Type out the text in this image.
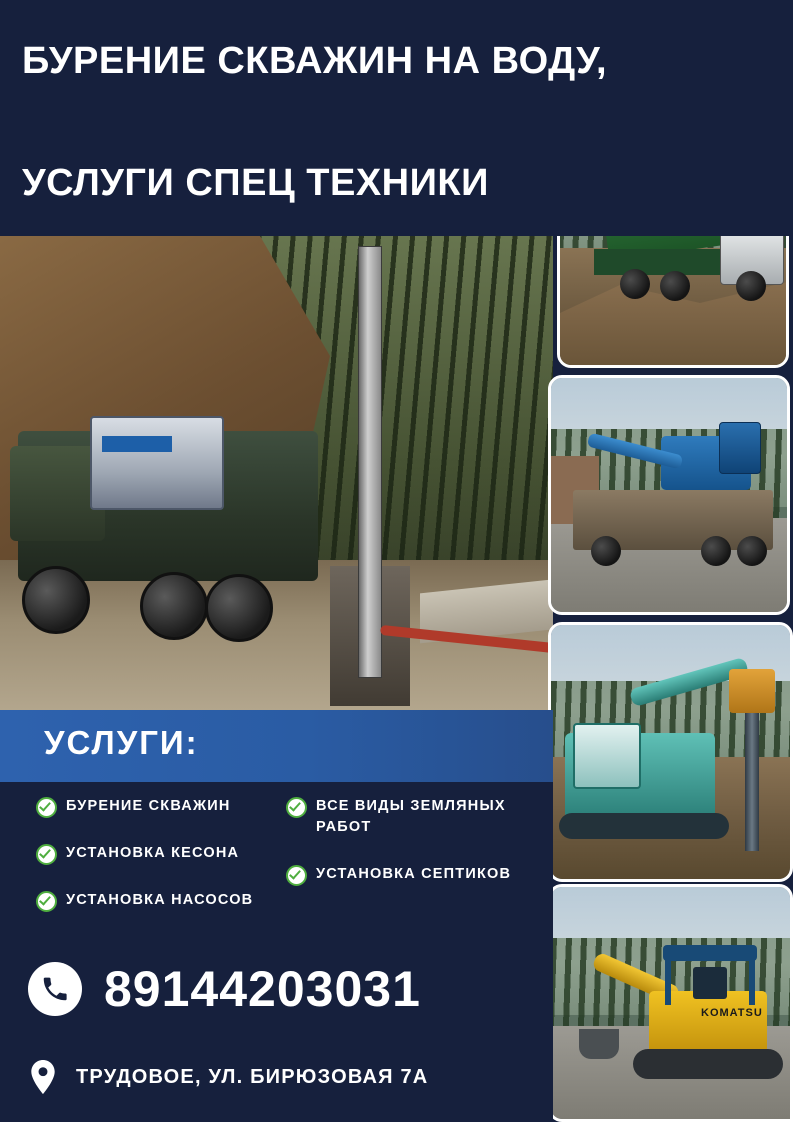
БУРЕНИЕ СКВАЖИН НА ВОДУ,
УСЛУГИ СПЕЦ ТЕХНИКИ
KOMATSU
УСЛУГИ:
БУРЕНИЕ СКВАЖИН
УСТАНОВКА КЕСОНА
УСТАНОВКА НАСОСОВ
ВСЕ ВИДЫ ЗЕМЛЯНЫХ РАБОТ
УСТАНОВКА СЕПТИКОВ
89144203031
ТРУДОВОЕ, УЛ. БИРЮЗОВАЯ 7А
